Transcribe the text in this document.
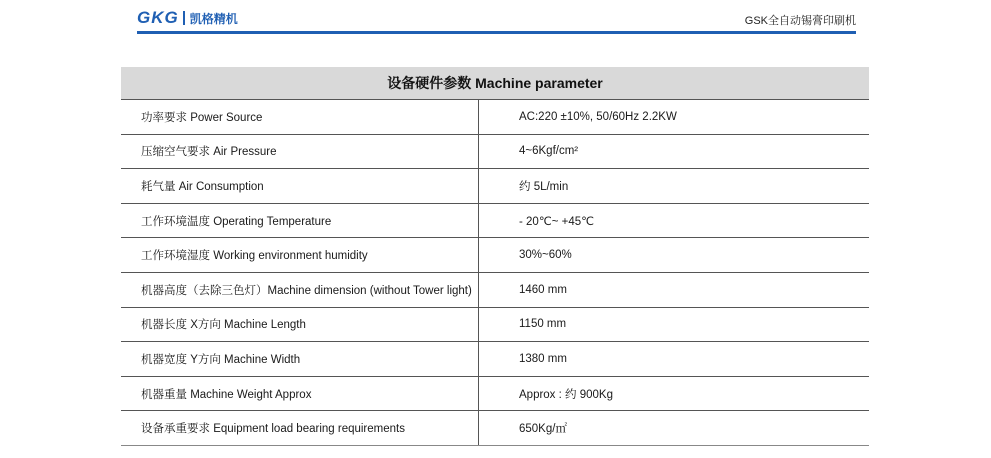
GKG 凯格精机	GSK全自动锡膏印刷机
设备硬件参数 Machine parameter
功率要求 Power Source	AC:220 ±10%, 50/60Hz 2.2KW
压缩空气要求 Air Pressure	4~6Kgf/cm²
耗气量 Air Consumption	约 5L/min
工作环境温度 Operating Temperature	- 20℃~ +45℃
工作环境湿度 Working environment humidity	30%~60%
机器高度（去除三色灯）Machine dimension (without Tower light)	1460 mm
机器长度 X方向 Machine Length	1150 mm
机器宽度 Y方向 Machine Width	1380 mm
机器重量 Machine Weight Approx	Approx : 约 900Kg
设备承重要求 Equipment load bearing requirements	650Kg/㎡
